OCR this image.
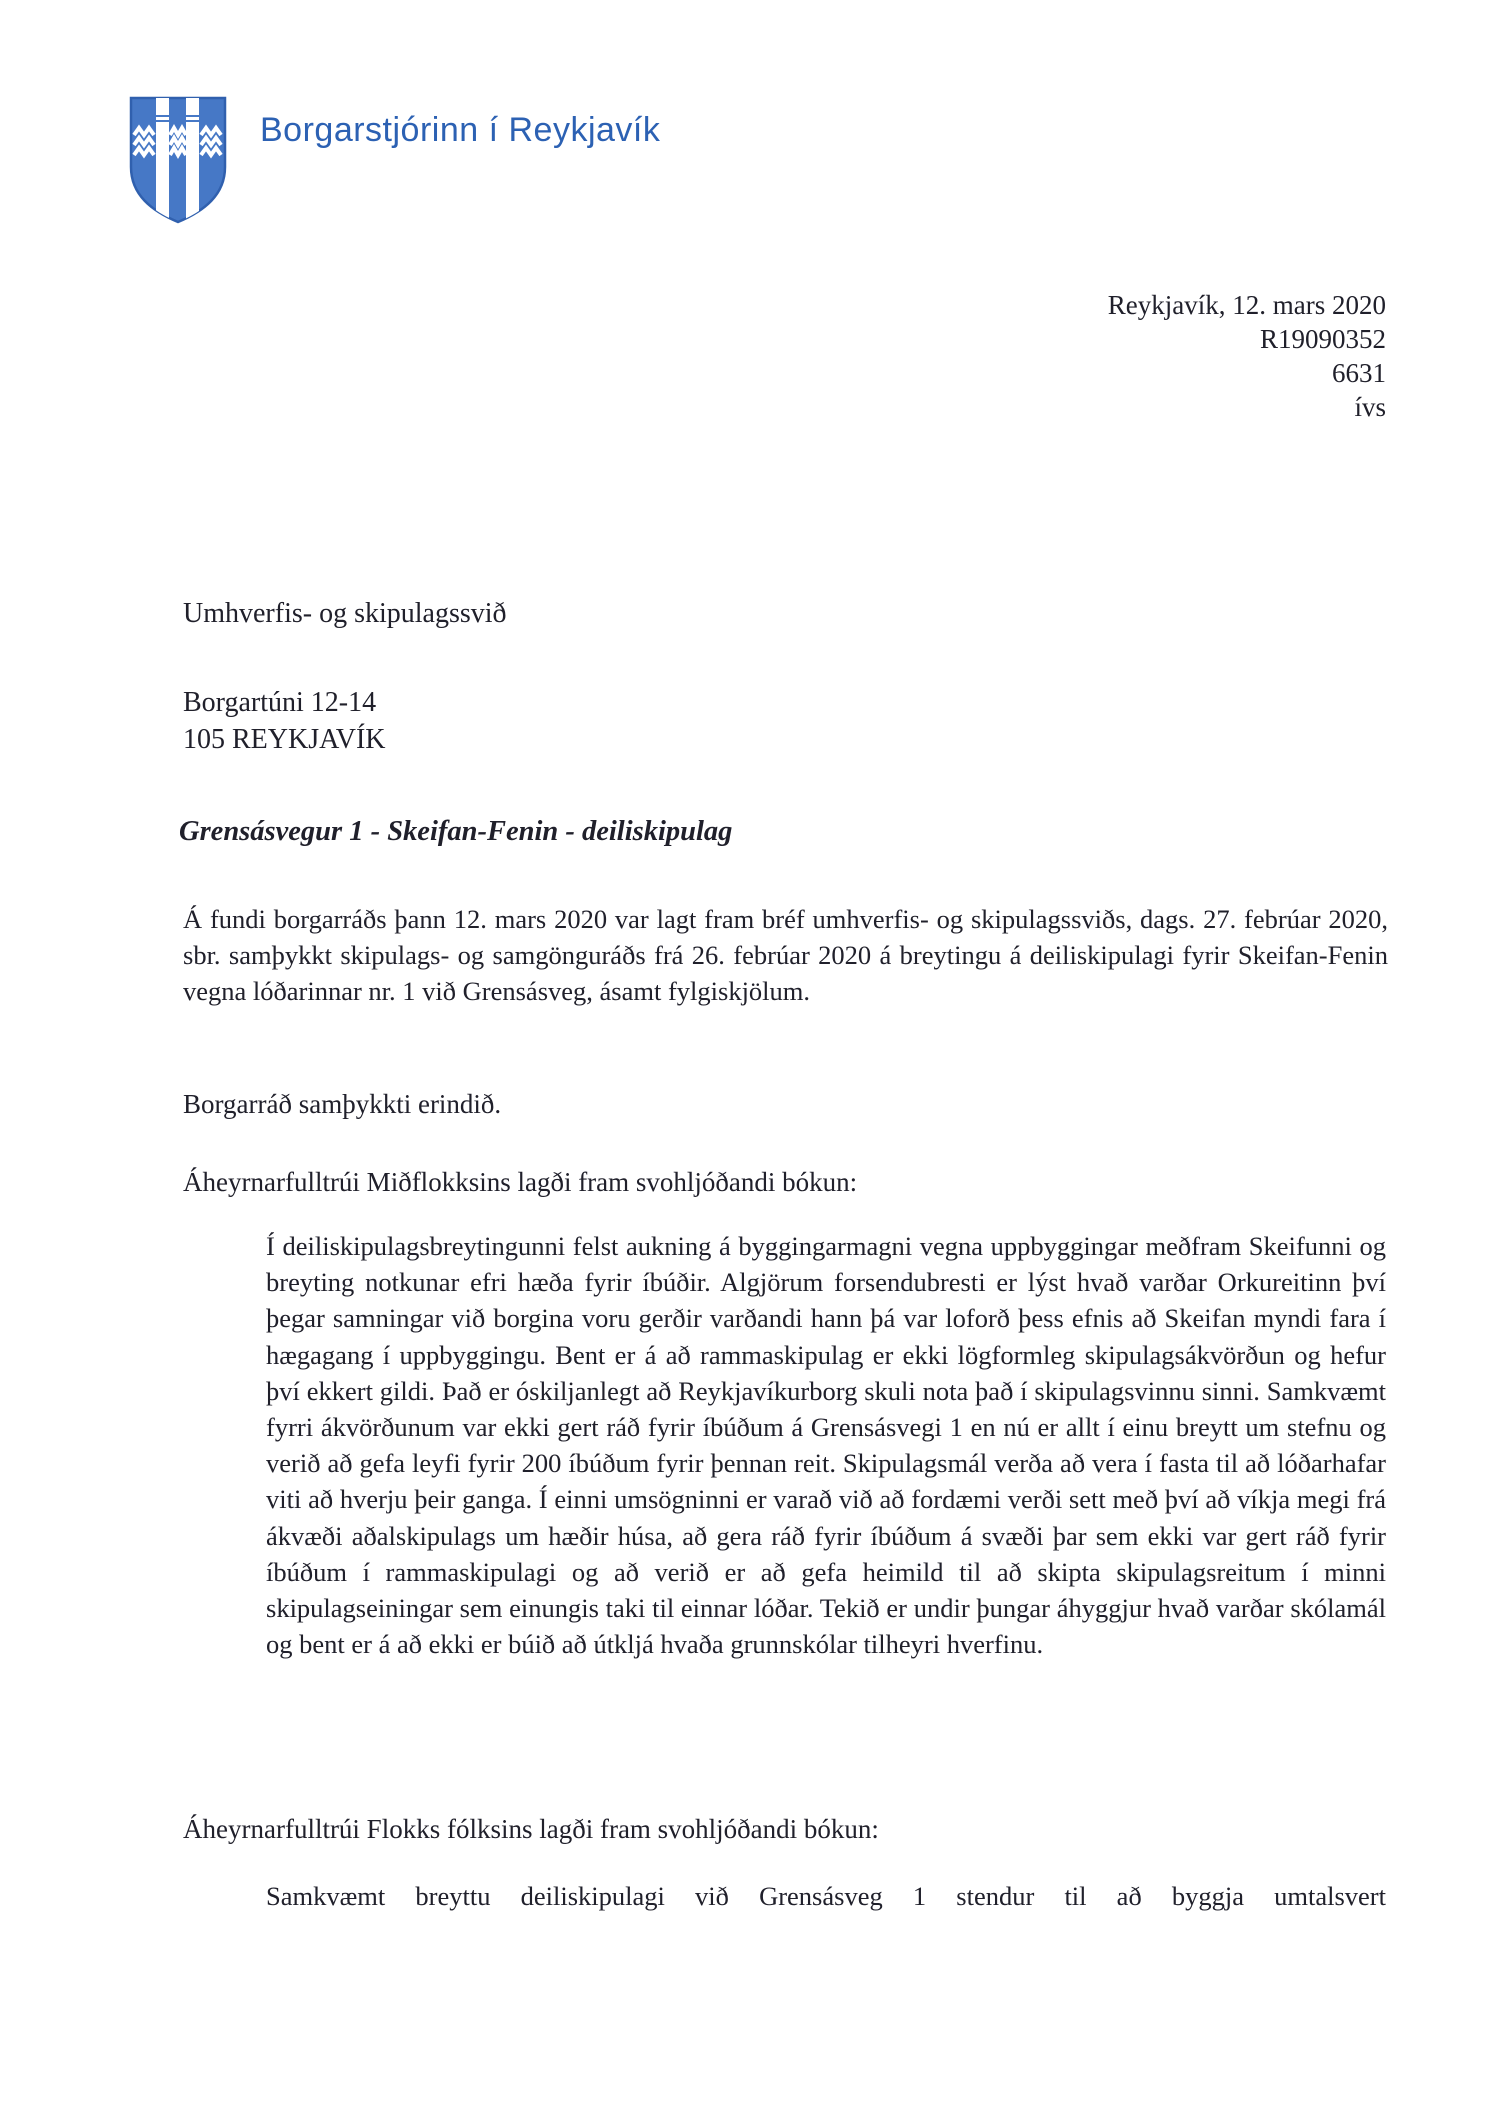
Borgarstjórinn í Reykjavík
Reykjavík, 12. mars 2020
R19090352
6631
ívs
Umhverfis- og skipulagssvið
Borgartúni 12-14
105 REYKJAVÍK
Grensásvegur 1 - Skeifan-Fenin - deiliskipulag
Á fundi borgarráðs þann 12. mars 2020 var lagt fram bréf umhverfis- og skipulagssviðs, dags. 27. febrúar 2020, sbr. samþykkt skipulags- og samgönguráðs frá 26. febrúar 2020 á breytingu á deiliskipulagi fyrir Skeifan-Fenin vegna lóðarinnar nr. 1 við Grensásveg, ásamt fylgiskjölum.
Borgarráð samþykkti erindið.
Áheyrnarfulltrúi Miðflokksins lagði fram svohljóðandi bókun:
Í deiliskipulagsbreytingunni felst aukning á byggingarmagni vegna uppbyggingar meðfram Skeifunni og breyting notkunar efri hæða fyrir íbúðir. Algjörum forsendubresti er lýst hvað varðar Orkureitinn því þegar samningar við borgina voru gerðir varðandi hann þá var loforð þess efnis að Skeifan myndi fara í hægagang í uppbyggingu. Bent er á að rammaskipulag er ekki lögformleg skipulagsákvörðun og hefur því ekkert gildi. Það er óskiljanlegt að Reykjavíkurborg skuli nota það í skipulagsvinnu sinni. Samkvæmt fyrri ákvörðunum var ekki gert ráð fyrir íbúðum á Grensásvegi 1 en nú er allt í einu breytt um stefnu og verið að gefa leyfi fyrir 200 íbúðum fyrir þennan reit. Skipulagsmál verða að vera í fasta til að lóðarhafar viti að hverju þeir ganga. Í einni umsögninni er varað við að fordæmi verði sett með því að víkja megi frá ákvæði aðalskipulags um hæðir húsa, að gera ráð fyrir íbúðum á svæði þar sem ekki var gert ráð fyrir íbúðum í rammaskipulagi og að verið er að gefa heimild til að skipta skipulagsreitum í minni skipulagseiningar sem einungis taki til einnar lóðar. Tekið er undir þungar áhyggjur hvað varðar skólamál og bent er á að ekki er búið að útkljá hvaða grunnskólar tilheyri hverfinu.
Áheyrnarfulltrúi Flokks fólksins lagði fram svohljóðandi bókun:
Samkvæmt breyttu deiliskipulagi við Grensásveg 1 stendur til að byggja umtalsvert
